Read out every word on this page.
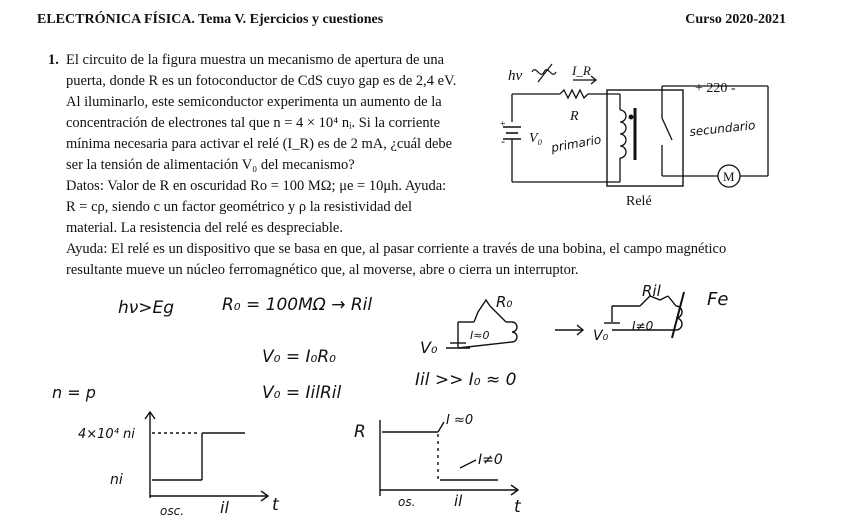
ELECTRÓNICA FÍSICA. Tema V. Ejercicios y cuestiones	Curso 2020-2021
1. El circuito de la figura muestra un mecanismo de apertura de una
puerta, donde R es un fotoconductor de CdS cuyo gap es de 2,4 eV.
Al iluminarlo, este semiconductor experimenta un aumento de la
concentración de electrones tal que n = 4 × 10⁴ nᵢ. Si la corriente
mínima necesaria para activar el relé (I_R) es de 2 mA, ¿cuál debe
ser la tensión de alimentación V₀ del mecanismo?
Datos: Valor de R en oscuridad Ro = 100 MΩ; μe = 10μh. Ayuda:
R = cρ, siendo c un factor geométrico y ρ la resistividad del
material. La resistencia del relé es despreciable.
Ayuda: El relé es un dispositivo que se basa en que, al pasar corriente a través de una bobina, el campo magnético
resultante mueve un núcleo ferromagnético que, al moverse, abre o cierra un interruptor.
hν	I_R
R
+ 220 -
V₀
+
-	primario
secundario
M
Relé
hν>Eg	R₀ = 100MΩ → Ril
V₀ = I₀R₀
V₀ = IilRil
R₀
V₀
I≈0
Iil >> I₀ ≈ 0
Ril
I≠0
V₀
Fe
n = p
4×10⁴ ni
ni
t
osc. il
R
I ≈0
I≠0
os.	il	t
